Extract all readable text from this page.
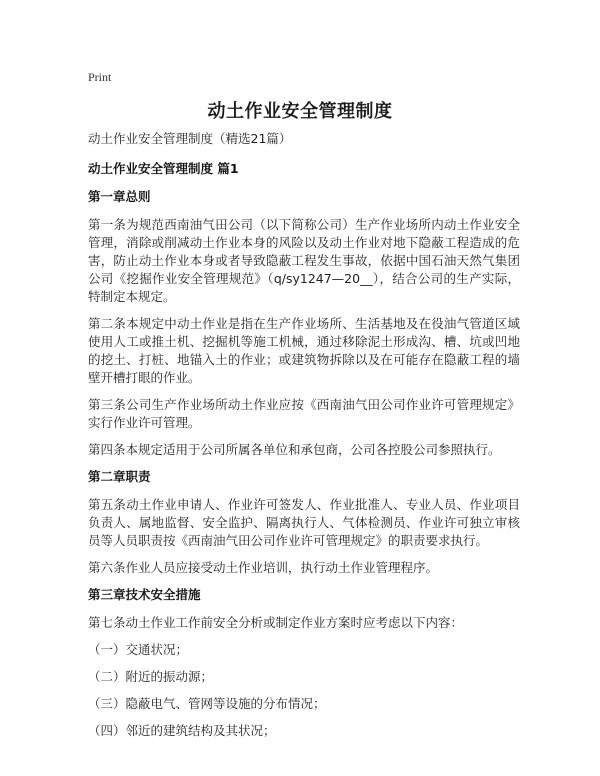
Print
动土作业安全管理制度

动土作业安全管理制度（精选21篇）

动土作业安全管理制度 篇1

第一章总则

第一条为规范西南油气田公司（以下简称公司）生产作业场所内动土作业安全管理，消除或削减动土作业本身的风险以及动土作业对地下隐蔽工程造成的危害，防止动土作业本身或者导致隐蔽工程发生事故，依据中国石油天然气集团公司《挖掘作业安全管理规范》（q/sy1247—20__），结合公司的生产实际，特制定本规定。

第二条本规定中动土作业是指在生产作业场所、生活基地及在役油气管道区域使用人工或推土机、挖掘机等施工机械，通过移除泥土形成沟、槽、坑或凹地的挖土、打桩、地锚入土的作业；或建筑物拆除以及在可能存在隐蔽工程的墙壁开槽打眼的作业。

第三条公司生产作业场所动土作业应按《西南油气田公司作业许可管理规定》实行作业许可管理。

第四条本规定适用于公司所属各单位和承包商，公司各控股公司参照执行。

第二章职责

第五条动土作业申请人、作业许可签发人、作业批准人、专业人员、作业项目负责人、属地监督、安全监护、隔离执行人、气体检测员、作业许可独立审核员等人员职责按《西南油气田公司作业许可管理规定》的职责要求执行。

第六条作业人员应接受动土作业培训，执行动土作业管理程序。

第三章技术安全措施

第七条动土作业工作前安全分析或制定作业方案时应考虑以下内容：

（一）交通状况；

（二）附近的振动源；

（三）隐蔽电气、管网等设施的分布情况；

（四）邻近的建筑结构及其状况；
